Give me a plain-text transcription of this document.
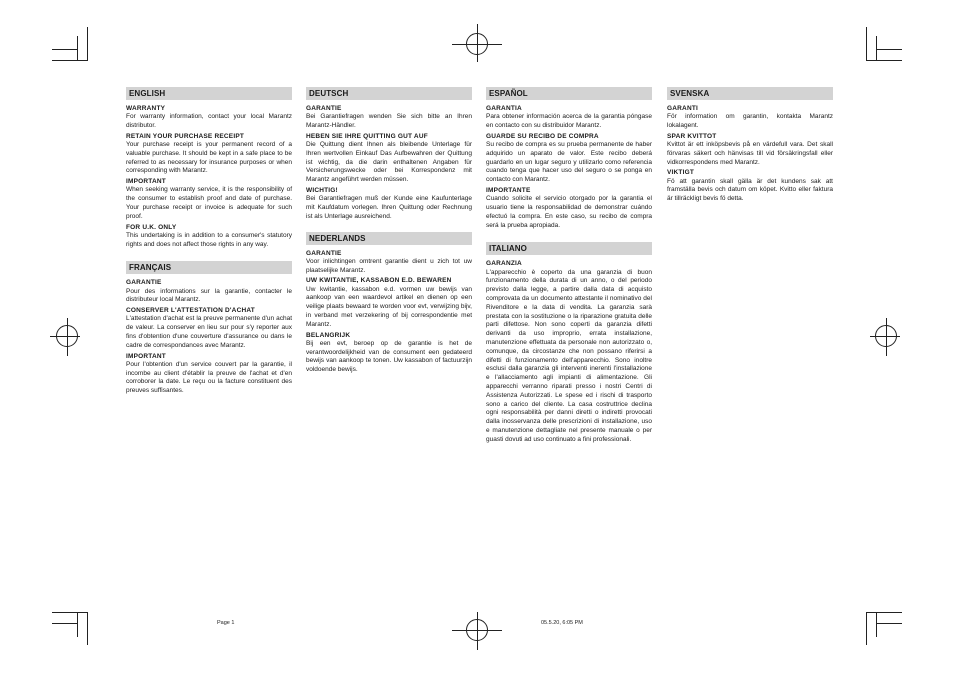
ENGLISH
WARRANTY
For warranty information, contact your local Marantz distributor.
RETAIN YOUR PURCHASE RECEIPT
Your purchase receipt is your permanent record of a valuable purchase. It should be kept in a safe place to be referred to as necessary for insurance purposes or when corresponding with Marantz.
IMPORTANT
When seeking warranty service, it is the responsibility of the consumer to establish proof and date of purchase. Your purchase receipt or invoice is adequate for such proof.
FOR U.K. ONLY
This undertaking is in addition to a consumer's statutory rights and does not affect those rights in any way.
FRANÇAIS
GARANTIE
Pour des informations sur la garantie, contacter le distributeur local Marantz.
CONSERVER L'ATTESTATION D'ACHAT
L'attestation d'achat est la preuve permanente d'un achat de valeur. La conserver en lieu sur pour s'y reporter aux fins d'obtention d'une couverture d'assurance ou dans le cadre de correspondances avec Marantz.
IMPORTANT
Pour l'obtention d'un service couvert par la garantie, il incombe au client d'établir la preuve de l'achat et d'en corroborer la date. Le reçu ou la facture constituent des preuves suffisantes.
DEUTSCH
GARANTIE
Bei Garantiefragen wenden Sie sich bitte an Ihren Marantz-Händler.
HEBEN SIE IHRE QUITTING GUT AUF
Die Quittung dient Ihnen als bleibende Unterlage für Ihren wertvollen Einkauf Das Aufbewahren der Quittung ist wichtig, da die darin enthaltenen Angaben für Versicherungswecke oder bei Korrespondenz mit Marantz angeführt werden müssen.
WICHTIG!
Bei Garantiefragen muß der Kunde eine Kaufunterlage mit Kaufdatum vorlegen. Ihren Quittung oder Rechnung ist als Unterlage ausreichend.
NEDERLANDS
GARANTIE
Voor inlichtingen omtrent garantie dient u zich tot uw plaatselijke Marantz.
UW KWITANTIE, KASSABON E.D. BEWAREN
Uw kwitantie, kassabon e.d. vormen uw bewijs van aankoop van een waardevol artikel en dienen op een veilige plaats bewaard te worden voor evt, verwijzing bijv, in verband met verzekering of bij correspondentie met Marantz.
BELANGRIJK
Bij een evt, beroep op de garantie is het de verantwoordelijkheid van de consument een gedateerd bewijs van aankoop te tonen. Uw kassabon of factuurzijn voldoende bewijs.
ESPAÑOL
GARANTIA
Para obtener información acerca de la garantia póngase en contacto con su distribuidor Marantz.
GUARDE SU RECIBO DE COMPRA
Su recibo de compra es su prueba permanente de haber adquirido un aparato de valor. Este recibo deberá guardarlo en un lugar seguro y utilizarlo como referencia cuando tenga que hacer uso del seguro o se ponga en contacto con Marantz.
IMPORTANTE
Cuando solicite el servicio otorgado por la garantia el usuario tiene la responsabilidad de demonstrar cuándo efectuó la compra. En este caso, su recibo de compra será la prueba apropiada.
ITALIANO
GARANZIA
L'apparecchio è coperto da una garanzia di buon funzionamento della durata di un anno, o del periodo previsto dalla legge, a partire dalla data di acquisto comprovata da un documento attestante il nominativo del Rivenditore e la data di vendita. La garanzia sarà prestata con la sostituzione o la riparazione gratuita delle parti difettose. Non sono coperti da garanzia difetti derivanti da uso improprio, errata installazione, manutenzione effettuata da personale non autorizzato o, comunque, da circostanze che non possano riferirsi a difetti di funzionamento dell'apparecchio. Sono inoltre esclusi dalla garanzia gli interventi inerenti l'installazione e l'allacciamento agli impianti di alimentazione. Gli apparecchi verranno riparati presso i nostri Centri di Assistenza Autorizzati. Le spese ed i rischi di trasporto sono a carico del cliente. La casa costruttrice declina ogni responsabilità per danni diretti o indiretti provocati dalla inosservanza delle prescrizioni di installazione, uso e manutenzione dettagliate nel presente manuale o per guasti dovuti ad uso continuato a fini professionali.
SVENSKA
GARANTI
För information om garantin, kontakta Marantz lokalagent.
SPAR KVITTOT
Kvittot är ett inköpsbevis på en värdefull vara. Det skall förvaras säkert och hänvisas till vid försäkringsfall eller vidkorrespondens med Marantz.
VIKTIGT
Fö att garantin skall gälla är det kundens sak att framställa bevis och datum om köpet. Kvitto eller faktura är tillräckligt bevis fö detta.
Page 1	05.5.20, 6:05 PM
